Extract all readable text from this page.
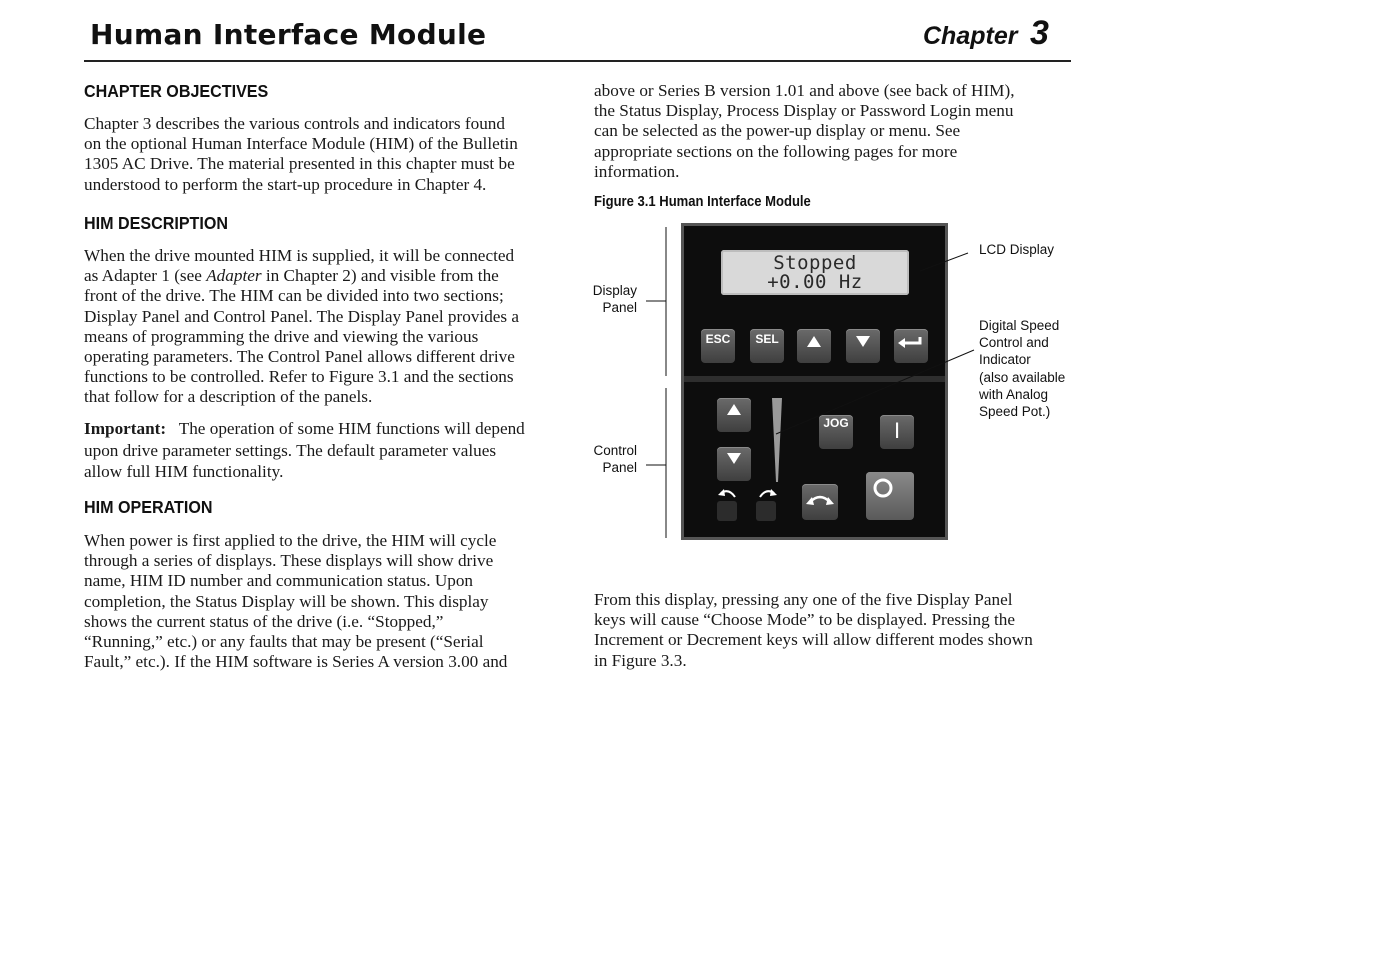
Human Interface Module	Chapter 3
CHAPTER OBJECTIVES
Chapter 3 describes the various controls and indicators found
on the optional Human Interface Module (HIM) of the Bulletin
1305 AC Drive. The material presented in this chapter must be
understood to perform the start-up procedure in Chapter 4.
HIM DESCRIPTION
When the drive mounted HIM is supplied, it will be connected
as Adapter 1 (see Adapter in Chapter 2) and visible from the
front of the drive. The HIM can be divided into two sections;
Display Panel and Control Panel. The Display Panel provides a
means of programming the drive and viewing the various
operating parameters. The Control Panel allows different drive
functions to be controlled. Refer to Figure 3.1 and the sections
that follow for a description of the panels.
Important: The operation of some HIM functions will depend
upon drive parameter settings. The default parameter values
allow full HIM functionality.
HIM OPERATION
When power is first applied to the drive, the HIM will cycle
through a series of displays. These displays will show drive
name, HIM ID number and communication status. Upon
completion, the Status Display will be shown. This display
shows the current status of the drive (i.e. “Stopped,”
“Running,” etc.) or any faults that may be present (“Serial
Fault,” etc.). If the HIM software is Series A version 3.00 and
above or Series B version 1.01 and above (see back of HIM),
the Status Display, Process Display or Password Login menu
can be selected as the power-up display or menu. See
appropriate sections on the following pages for more
information.
Figure 3.1 Human Interface Module
Stopped
+0.00 Hz
ESC	SEL
JOG	I
Display
Panel
Control
Panel
LCD Display
Digital Speed
Control and
Indicator
(also available
with Analog
Speed Pot.)
From this display, pressing any one of the five Display Panel
keys will cause “Choose Mode” to be displayed. Pressing the
Increment or Decrement keys will allow different modes shown
in Figure 3.3.
